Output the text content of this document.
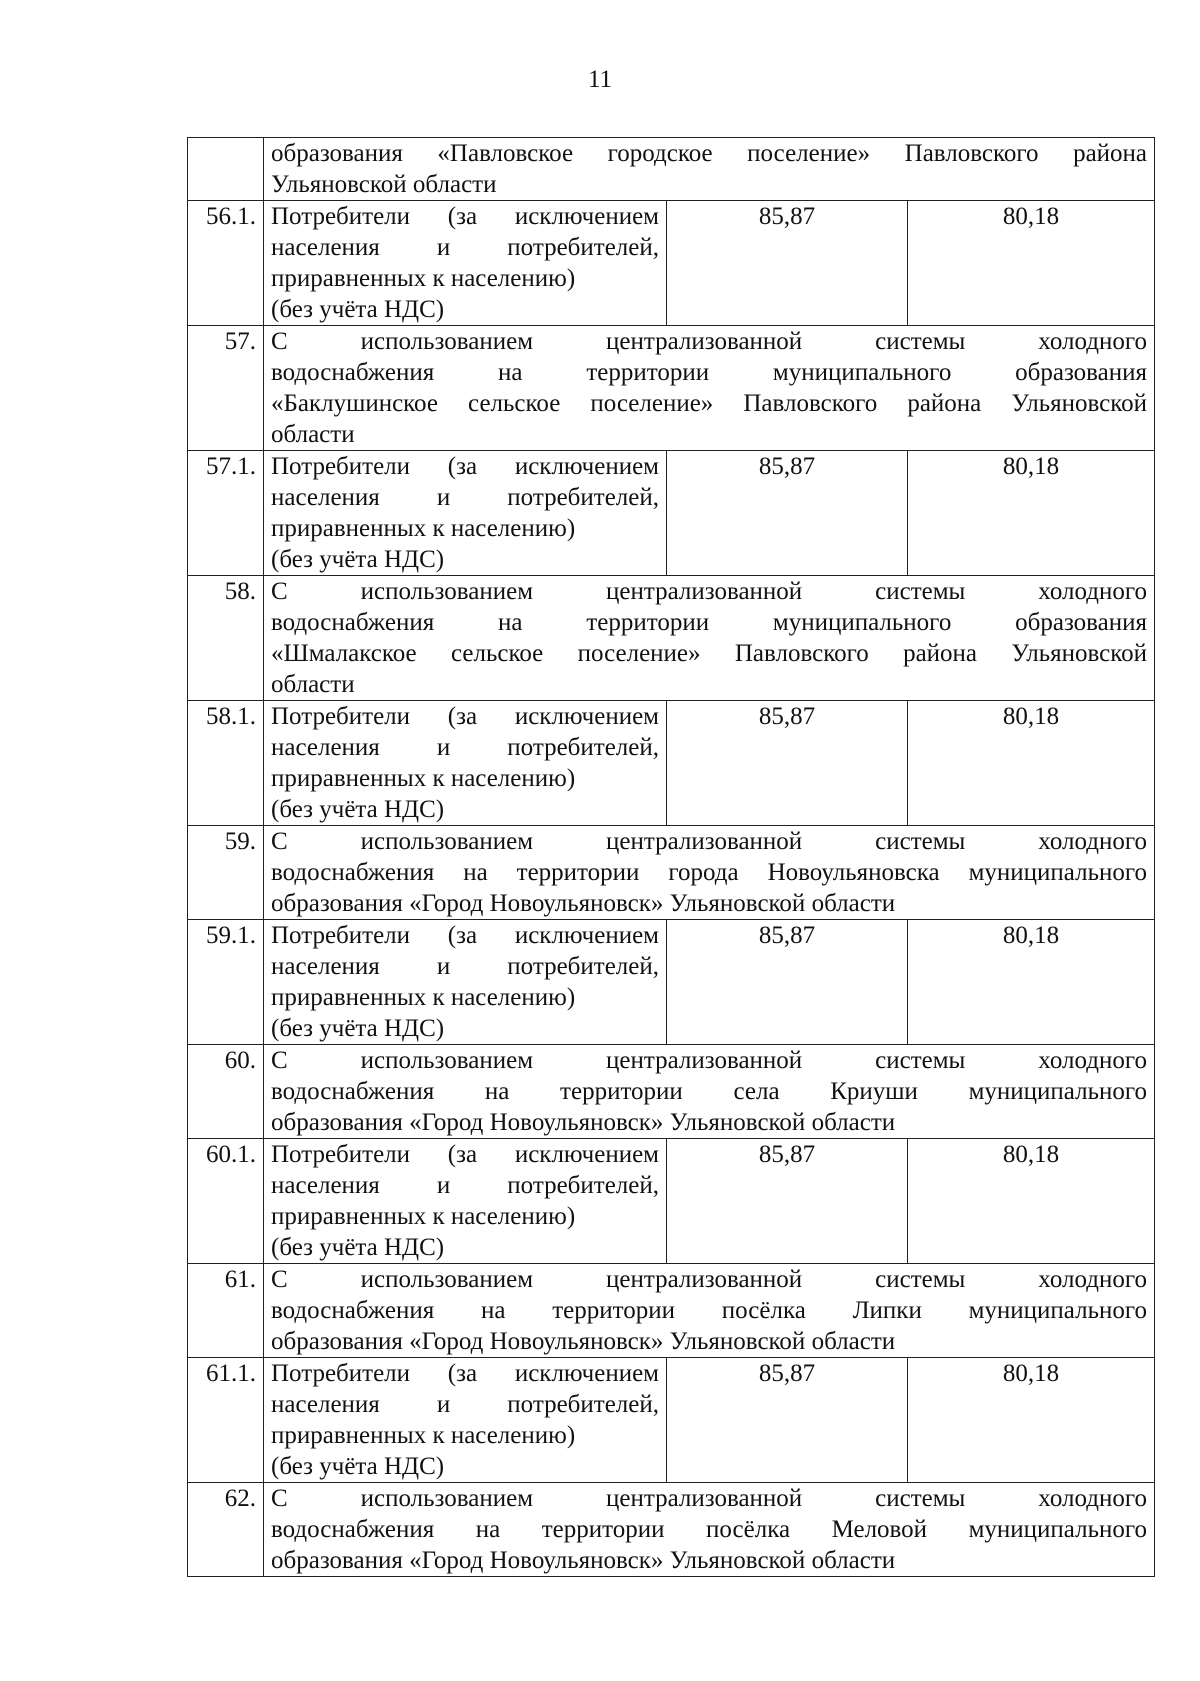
11

	образования «Павловское городское поселение» Павловского района
Ульяновской области		

56.1.	Потребители (за исключением
населения и потребителей,
приравненных к населению)
(без учёта НДС)	85,87	80,18
57.	С использованием централизованной системы холодного
водоснабжения на территории муниципального образования
«Баклушинское сельское поселение» Павловского района Ульяновской
области		

57.1.	Потребители (за исключением
населения и потребителей,
приравненных к населению)
(без учёта НДС)	85,87	80,18
58.	С использованием централизованной системы холодного
водоснабжения на территории муниципального образования
«Шмалакское сельское поселение» Павловского района Ульяновской
области		

58.1.	Потребители (за исключением
населения и потребителей,
приравненных к населению)
(без учёта НДС)	85,87	80,18
59.	С использованием централизованной системы холодного
водоснабжения на территории города Новоульяновска муниципального
образования «Город Новоульяновск» Ульяновской области		

59.1.	Потребители (за исключением
населения и потребителей,
приравненных к населению)
(без учёта НДС)	85,87	80,18
60.	С использованием централизованной системы холодного
водоснабжения на территории села Криуши муниципального
образования «Город Новоульяновск» Ульяновской области		

60.1.	Потребители (за исключением
населения и потребителей,
приравненных к населению)
(без учёта НДС)	85,87	80,18
61.	С использованием централизованной системы холодного
водоснабжения на территории посёлка Липки муниципального
образования «Город Новоульяновск» Ульяновской области		

61.1.	Потребители (за исключением
населения и потребителей,
приравненных к населению)
(без учёта НДС)	85,87	80,18
62.	С использованием централизованной системы холодного
водоснабжения на территории посёлка Меловой муниципального
образования «Город Новоульяновск» Ульяновской области		
